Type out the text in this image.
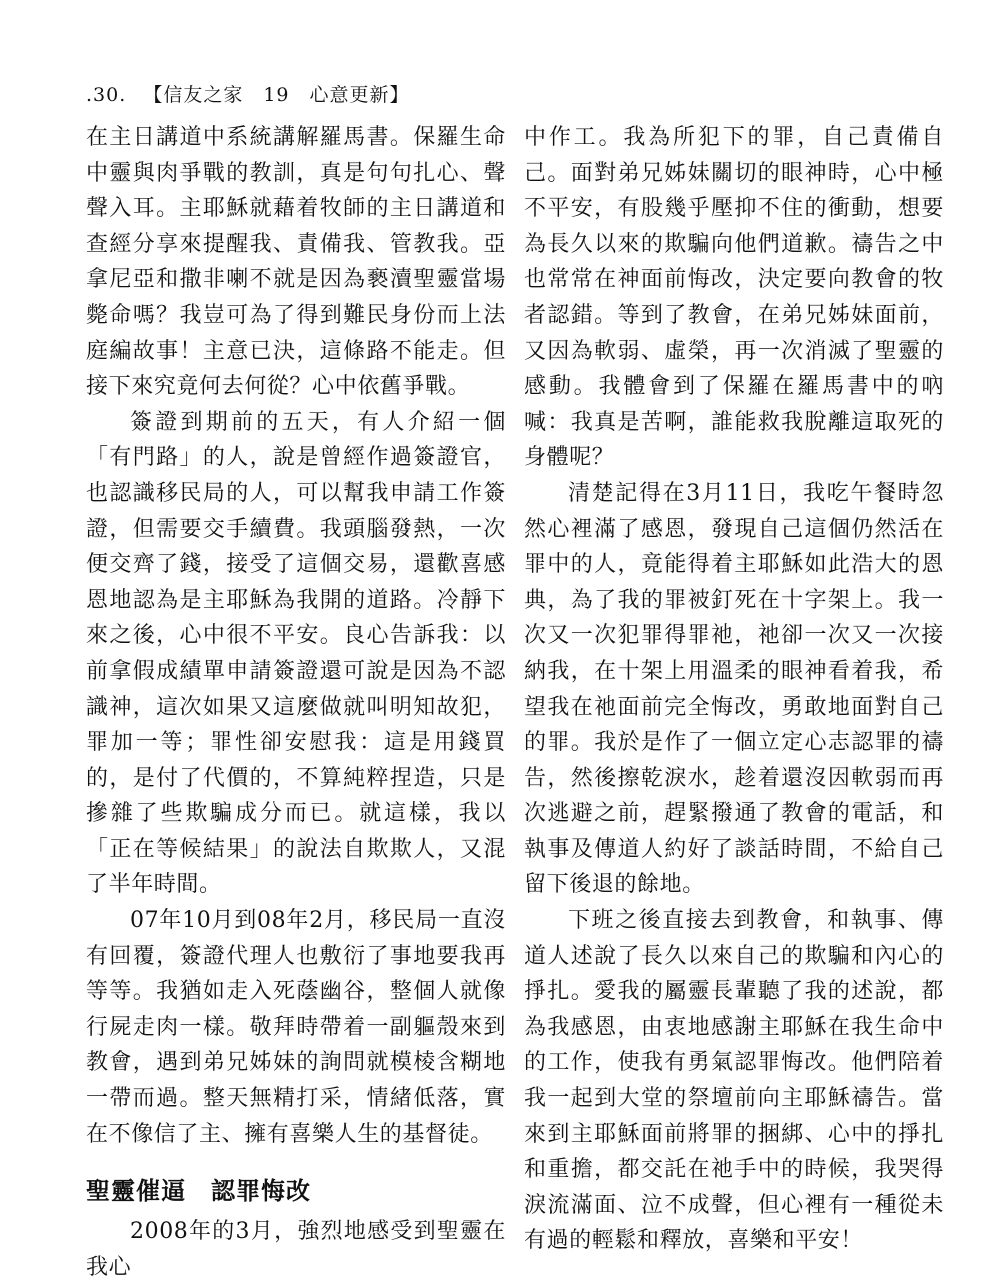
.30. 【信友之家　19　心意更新】

在主日講道中系統講解羅馬書。保羅生命中靈與肉爭戰的教訓，真是句句扎心、聲聲入耳。主耶穌就藉着牧師的主日講道和查經分享來提醒我、責備我、管教我。亞拿尼亞和撒非喇不就是因為褻瀆聖靈當場斃命嗎？我豈可為了得到難民身份而上法庭編故事！主意已決，這條路不能走。但接下來究竟何去何從？心中依舊爭戰。

簽證到期前的五天，有人介紹一個「有門路」的人，說是曾經作過簽證官，也認識移民局的人，可以幫我申請工作簽證，但需要交手續費。我頭腦發熱，一次便交齊了錢，接受了這個交易，還歡喜感恩地認為是主耶穌為我開的道路。冷靜下來之後，心中很不平安。良心告訴我：以前拿假成績單申請簽證還可說是因為不認識神，這次如果又這麼做就叫明知故犯，罪加一等；罪性卻安慰我：這是用錢買的，是付了代價的，不算純粹捏造，只是摻雜了些欺騙成分而已。就這樣，我以「正在等候結果」的說法自欺欺人，又混了半年時間。

07年10月到08年2月，移民局一直沒有回覆，簽證代理人也敷衍了事地要我再等等。我猶如走入死蔭幽谷，整個人就像行屍走肉一樣。敬拜時帶着一副軀殼來到教會，遇到弟兄姊妹的詢問就模棱含糊地一帶而過。整天無精打采，情緒低落，實在不像信了主、擁有喜樂人生的基督徒。

聖靈催逼　認罪悔改

2008年的3月，強烈地感受到聖靈在我心

中作工。我為所犯下的罪，自己責備自己。面對弟兄姊妹關切的眼神時，心中極不平安，有股幾乎壓抑不住的衝動，想要為長久以來的欺騙向他們道歉。禱告之中也常常在神面前悔改，決定要向教會的牧者認錯。等到了教會，在弟兄姊妹面前，又因為軟弱、虛榮，再一次消滅了聖靈的感動。我體會到了保羅在羅馬書中的吶喊：我真是苦啊，誰能救我脫離這取死的身體呢？

清楚記得在3月11日，我吃午餐時忽然心裡滿了感恩，發現自己這個仍然活在罪中的人，竟能得着主耶穌如此浩大的恩典，為了我的罪被釘死在十字架上。我一次又一次犯罪得罪祂，祂卻一次又一次接納我，在十架上用溫柔的眼神看着我，希望我在祂面前完全悔改，勇敢地面對自己的罪。我於是作了一個立定心志認罪的禱告，然後擦乾淚水，趁着還沒因軟弱而再次逃避之前，趕緊撥通了教會的電話，和執事及傳道人約好了談話時間，不給自己留下後退的餘地。

下班之後直接去到教會，和執事、傳道人述說了長久以來自己的欺騙和內心的掙扎。愛我的屬靈長輩聽了我的述說，都為我感恩，由衷地感謝主耶穌在我生命中的工作，使我有勇氣認罪悔改。他們陪着我一起到大堂的祭壇前向主耶穌禱告。當來到主耶穌面前將罪的捆綁、心中的掙扎和重擔，都交託在祂手中的時候，我哭得淚流滿面、泣不成聲，但心裡有一種從未有過的輕鬆和釋放，喜樂和平安！
